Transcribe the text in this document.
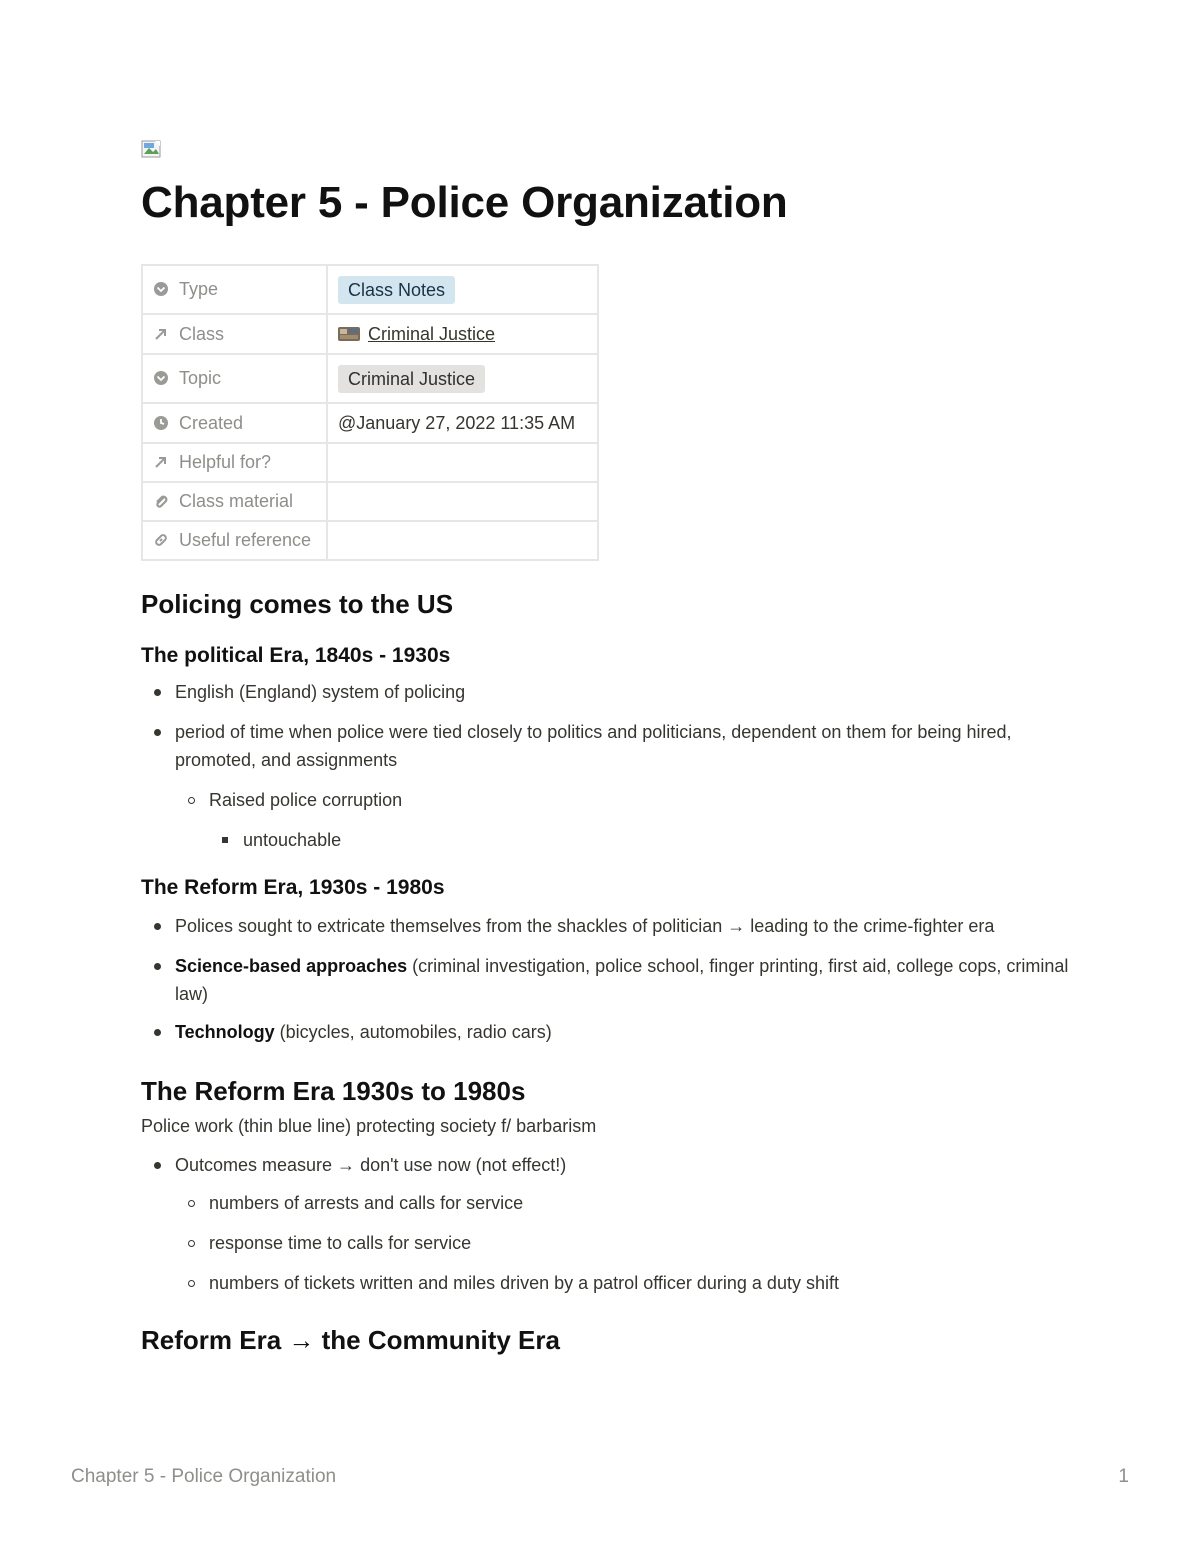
Chapter 5 - Police Organization
Type	Class Notes
Class	Criminal Justice
Topic	Criminal Justice
Created	@January 27, 2022 11:35 AM
Helpful for?	
Class material	
Useful reference	
Policing comes to the US
The political Era, 1840s - 1930s
English (England) system of policing
period of time when police were tied closely to politics and politicians, dependent on them for being hired, promoted, and assignments
Raised police corruption
untouchable
The Reform Era, 1930s - 1980s
Polices sought to extricate themselves from the shackles of politician → leading to the crime-fighter era
Science-based approaches (criminal investigation, police school, finger printing, first aid, college cops, criminal law)
Technology (bicycles, automobiles, radio cars)
The Reform Era 1930s to 1980s

Police work (thin blue line) protecting society f/ barbarism

Outcomes measure → don't use now (not effect!)
numbers of arrests and calls for service
response time to calls for service
numbers of tickets written and miles driven by a patrol officer during a duty shift
Reform Era → the Community Era
Chapter 5 - Police Organization	1
